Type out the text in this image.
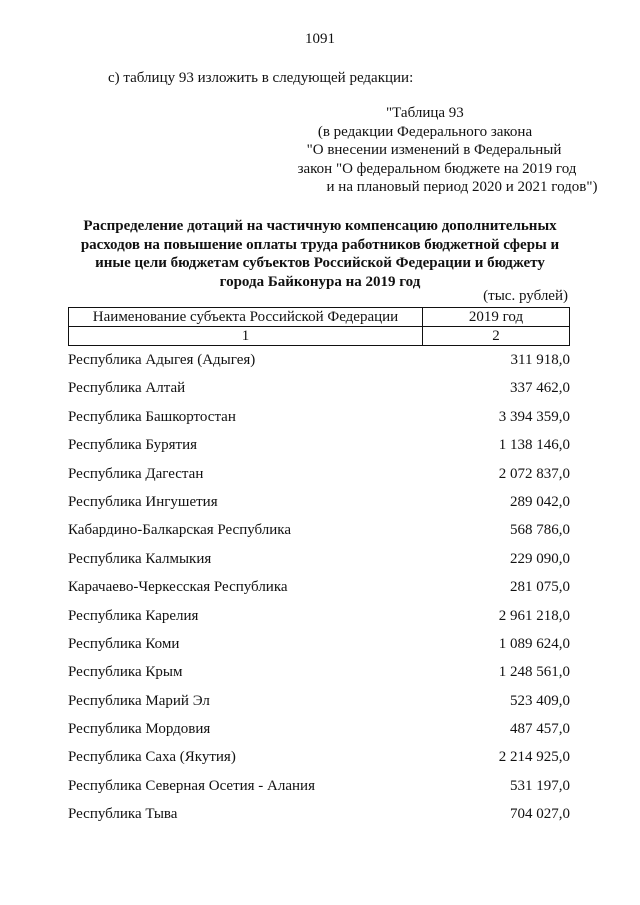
1091
с) таблицу 93 изложить в следующей редакции:
"Таблица 93
(в редакции Федерального закона
"О внесении изменений в Федеральный
закон "О федеральном бюджете на 2019 год
и на плановый период 2020 и 2021 годов")
Распределение дотаций на частичную компенсацию дополнительных
расходов на повышение оплаты труда работников бюджетной сферы и
иные цели бюджетам субъектов Российской Федерации и бюджету
города Байконура на 2019 год
(тыс. рублей)
Наименование субъекта Российской Федерации	2019 год
1	2
Республика Адыгея (Адыгея)	311 918,0
Республика Алтай	337 462,0
Республика Башкортостан	3 394 359,0
Республика Бурятия	1 138 146,0
Республика Дагестан	2 072 837,0
Республика Ингушетия	289 042,0
Кабардино-Балкарская Республика	568 786,0
Республика Калмыкия	229 090,0
Карачаево-Черкесская Республика	281 075,0
Республика Карелия	2 961 218,0
Республика Коми	1 089 624,0
Республика Крым	1 248 561,0
Республика Марий Эл	523 409,0
Республика Мордовия	487 457,0
Республика Саха (Якутия)	2 214 925,0
Республика Северная Осетия - Алания	531 197,0
Республика Тыва	704 027,0
